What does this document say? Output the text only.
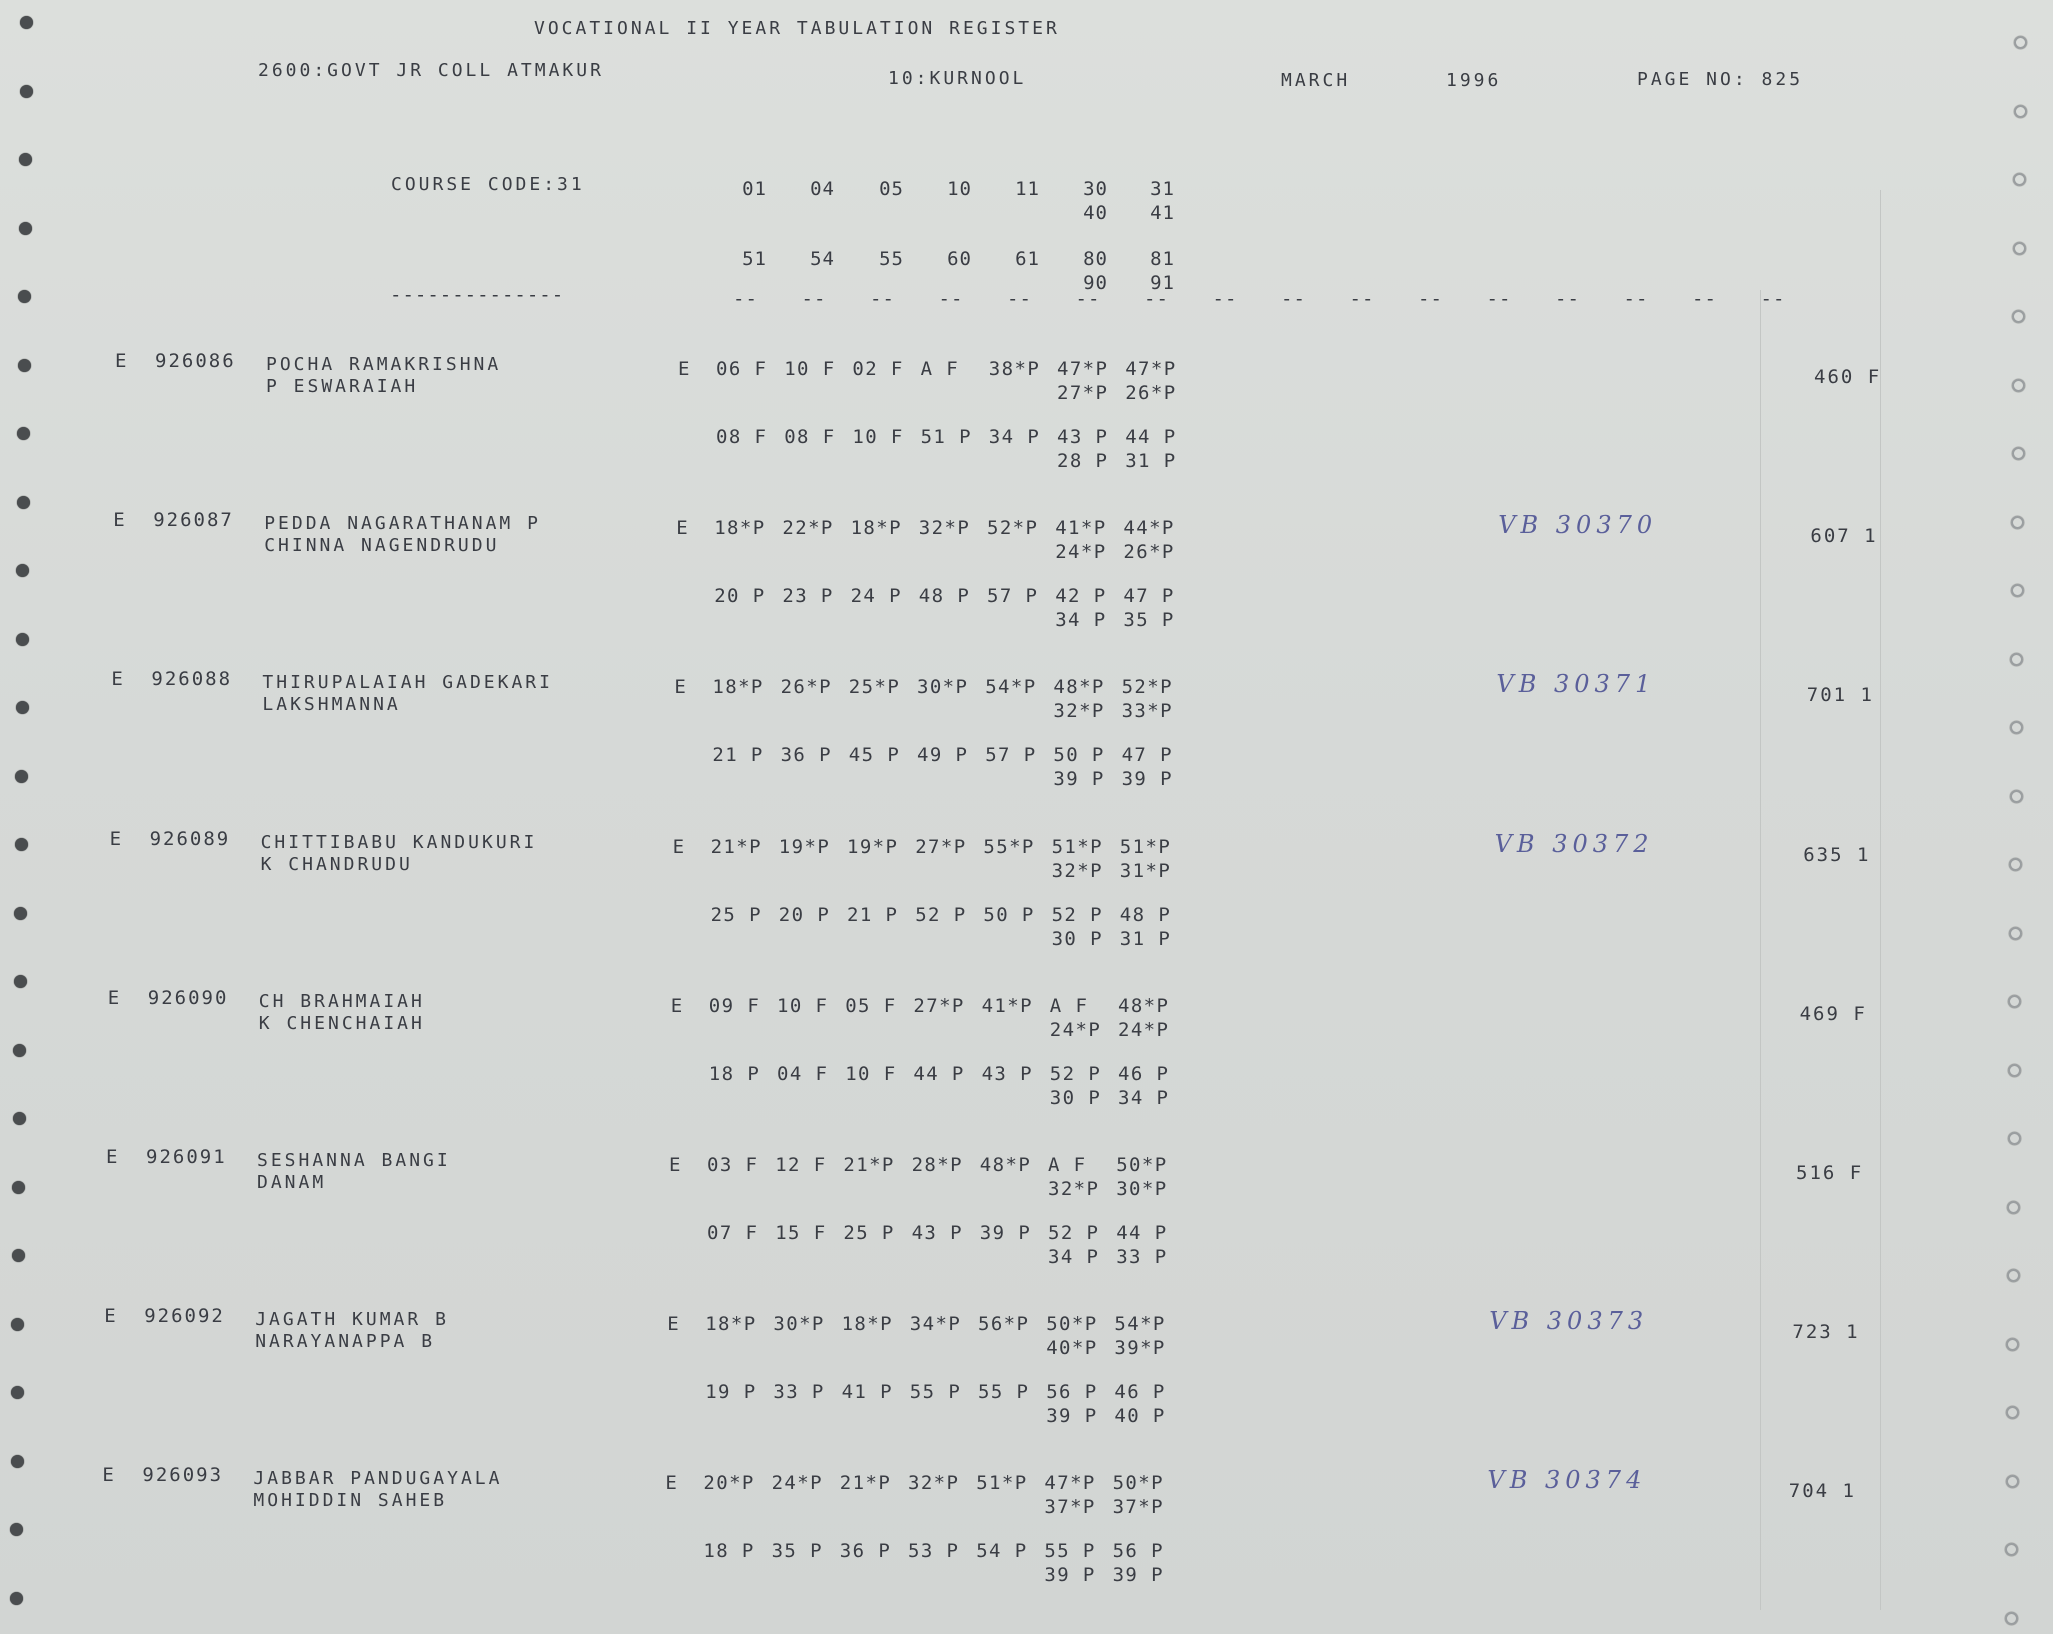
VOCATIONAL II YEAR TABULATION REGISTER
2600:GOVT JR COLL ATMAKUR	10:KURNOOL	MARCH	1996	PAGE NO: 825
COURSE CODE:31	01	04	05	10	11	30	31
40	41
51	54	55	60	61	80	81
90	91
-- -- -- -- -- -- -- -- -- -- -- -- -- -- -- --
--------------
E 926086 POCHA RAMAKRISHNA
P ESWARAIAH
E 06 F 10 F 02 F A F 38*P 47*P 47*P
27*P 26*P
08 F 08 F 10 F 51 P 34 P 43 P 44 P
28 P 31 P
460 F
E 926087 PEDDA NAGARATHANAM P
CHINNA NAGENDRUDU
E 18*P 22*P 18*P 32*P 52*P 41*P 44*P
24*P 26*P
20 P 23 P 24 P 48 P 57 P 42 P 47 P
34 P 35 P
607 1
VB 30370
E 926088 THIRUPALAIAH GADEKARI
LAKSHMANNA
E 18*P 26*P 25*P 30*P 54*P 48*P 52*P
32*P 33*P
21 P 36 P 45 P 49 P 57 P 50 P 47 P
39 P 39 P
701 1
VB 30371
E 926089 CHITTIBABU KANDUKURI
K CHANDRUDU
E 21*P 19*P 19*P 27*P 55*P 51*P 51*P
32*P 31*P
25 P 20 P 21 P 52 P 50 P 52 P 48 P
30 P 31 P
635 1
VB 30372
E 926090 CH BRAHMAIAH
K CHENCHAIAH
E 09 F 10 F 05 F 27*P 41*P A F 48*P
24*P 24*P
18 P 04 F 10 F 44 P 43 P 52 P 46 P
30 P 34 P
469 F
E 926091 SESHANNA BANGI
DANAM
E 03 F 12 F 21*P 28*P 48*P A F 50*P
32*P 30*P
07 F 15 F 25 P 43 P 39 P 52 P 44 P
34 P 33 P
516 F
E 926092 JAGATH KUMAR B
NARAYANAPPA B
E 18*P 30*P 18*P 34*P 56*P 50*P 54*P
40*P 39*P
19 P 33 P 41 P 55 P 55 P 56 P 46 P
39 P 40 P
723 1
VB 30373
E 926093 JABBAR PANDUGAYALA
MOHIDDIN SAHEB
E 20*P 24*P 21*P 32*P 51*P 47*P 50*P
37*P 37*P
18 P 35 P 36 P 53 P 54 P 55 P 56 P
39 P 39 P
704 1
VB 30374
